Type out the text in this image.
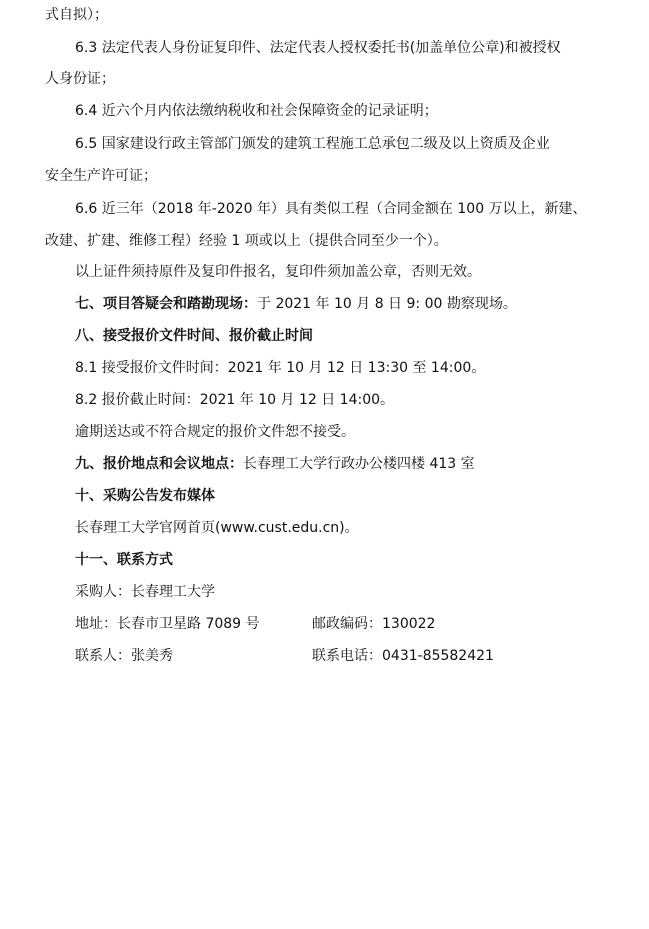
式自拟）；
6.3 法定代表人身份证复印件、法定代表人授权委托书(加盖单位公章)和被授权
人身份证；
6.4 近六个月内依法缴纳税收和社会保障资金的记录证明；
6.5 国家建设行政主管部门颁发的建筑工程施工总承包二级及以上资质及企业
安全生产许可证；
6.6 近三年（2018 年-2020 年）具有类似工程（合同金额在 100 万以上，新建、
改建、扩建、维修工程）经验 1 项或以上（提供合同至少一个）。
以上证件须持原件及复印件报名，复印件须加盖公章，否则无效。
七、项目答疑会和踏勘现场：于 2021 年 10 月 8 日 9: 00 勘察现场。
八、接受报价文件时间、报价截止时间
8.1 接受报价文件时间：2021 年 10 月 12 日 13:30 至 14:00。
8.2 报价截止时间：2021 年 10 月 12 日 14:00。
逾期送达或不符合规定的报价文件恕不接受。
九、报价地点和会议地点：长春理工大学行政办公楼四楼 413 室
十、采购公告发布媒体
长春理工大学官网首页(www.cust.edu.cn)。
十一、联系方式
采购人：长春理工大学
地址：长春市卫星路 7089 号	邮政编码：130022
联系人：张美秀	联系电话：0431-85582421
